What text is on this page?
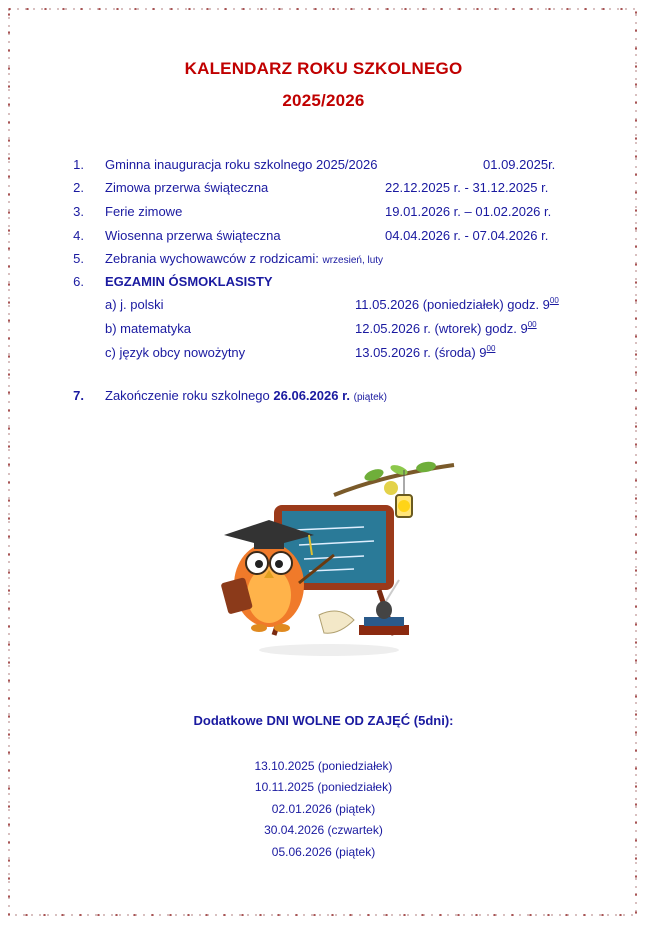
KALENDARZ ROKU SZKOLNEGO
2025/2026
1. Gminna inauguracja roku szkolnego 2025/2026	01.09.2025r.
2. Zimowa przerwa świąteczna	22.12.2025 r. - 31.12.2025 r.
3. Ferie zimowe	19.01.2026 r. – 01.02.2026 r.
4. Wiosenna przerwa świąteczna	04.04.2026 r. - 07.04.2026 r.
5. Zebrania wychowawców z rodzicami: wrzesień, luty
6. EGZAMIN ÓSMOKLASISTY
a) j. polski	11.05.2026 (poniedziałek) godz. $9^{00}$
b) matematyka	12.05.2026 r. (wtorek) godz. $9^{00}$
c) język obcy nowożytny	13.05.2026 r. (środa) $9^{00}$
7. Zakończenie roku szkolnego 26.06.2026 r. (piątek)
Dodatkowe DNI WOLNE OD ZAJĘĆ (5dni):
13.10.2025 (poniedziałek)
10.11.2025 (poniedziałek)
02.01.2026 (piątek)
30.04.2026 (czwartek)
05.06.2026 (piątek)
